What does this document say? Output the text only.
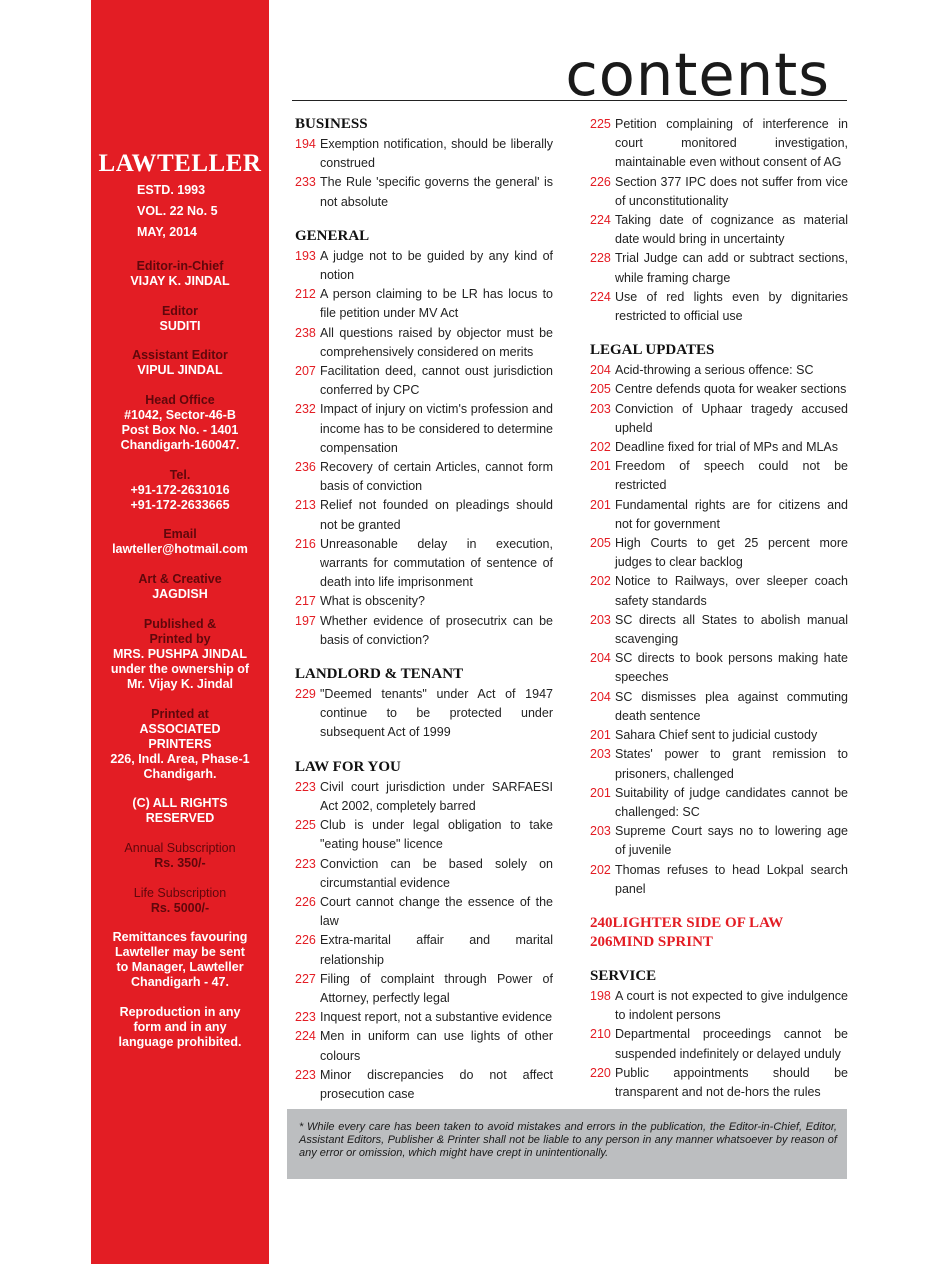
LAWTELLER
ESTD. 1993
VOL. 22 No. 5
MAY, 2014
Editor-in-Chief
VIJAY K. JINDAL
Editor
SUDITI
Assistant Editor
VIPUL JINDAL
Head Office
#1042, Sector-46-B
Post Box No. - 1401
Chandigarh-160047.
Tel.
+91-172-2631016
+91-172-2633665
Email
lawteller@hotmail.com
Art & Creative
JAGDISH
Published &
Printed by
MRS. PUSHPA JINDAL
under the ownership of
Mr. Vijay K. Jindal
Printed at
ASSOCIATED
PRINTERS
226, Indl. Area, Phase-1
Chandigarh.
(C) ALL RIGHTS
RESERVED
Annual Subscription
Rs. 350/-
Life Subscription
Rs. 5000/-
Remittances favouring
Lawteller may be sent
to Manager, Lawteller
Chandigarh - 47.
Reproduction in any
form and in any
language prohibited.
contents
BUSINESS
194 Exemption notification, should be liberally construed
233 The Rule 'specific governs the general' is not absolute
GENERAL
193 A judge not to be guided by any kind of notion
212 A person claiming to be LR has locus to file petition under MV Act
238 All questions raised by objector must be comprehensively considered on merits
207 Facilitation deed, cannot oust jurisdiction conferred by CPC
232 Impact of injury on victim's profession and income has to be considered to determine compensation
236 Recovery of certain Articles, cannot form basis of conviction
213 Relief not founded on pleadings should not be granted
216 Unreasonable delay in execution, warrants for commutation of sentence of death into life imprisonment
217 What is obscenity?
197 Whether evidence of prosecutrix can be basis of conviction?
LANDLORD & TENANT
229 "Deemed tenants" under Act of 1947 continue to be protected under subsequent Act of 1999
LAW FOR YOU
223 Civil court jurisdiction under SARFAESI Act 2002, completely barred
225 Club is under legal obligation to take "eating house" licence
223 Conviction can be based solely on circumstantial evidence
226 Court cannot change the essence of the law
226 Extra-marital affair and marital relationship
227 Filing of complaint through Power of Attorney, perfectly legal
223 Inquest report, not a substantive evidence
224 Men in uniform can use lights of other colours
223 Minor discrepancies do not affect prosecution case
225 Petition complaining of interference in court monitored investigation, maintainable even without consent of AG
226 Section 377 IPC does not suffer from vice of unconstitutionality
224 Taking date of cognizance as material date would bring in uncertainty
228 Trial Judge can add or subtract sections, while framing charge
224 Use of red lights even by dignitaries restricted to official use
LEGAL UPDATES
204 Acid-throwing a serious offence: SC
205 Centre defends quota for weaker sections
203 Conviction of Uphaar tragedy accused upheld
202 Deadline fixed for trial of MPs and MLAs
201 Freedom of speech could not be restricted
201 Fundamental rights are for citizens and not for government
205 High Courts to get 25 percent more judges to clear backlog
202 Notice to Railways, over sleeper coach safety standards
203 SC directs all States to abolish manual scavenging
204 SC directs to book persons making hate speeches
204 SC dismisses plea against commuting death sentence
201 Sahara Chief sent to judicial custody
203 States' power to grant remission to prisoners, challenged
201 Suitability of judge candidates cannot be challenged: SC
203 Supreme Court says no to lowering age of juvenile
202 Thomas refuses to head Lokpal search panel
240LIGHTER SIDE OF LAW
206MIND SPRINT
SERVICE
198 A court is not expected to give indulgence to indolent persons
210 Departmental proceedings cannot be suspended indefinitely or delayed unduly
220 Public appointments should be transparent and not de-hors the rules
* While every care has been taken to avoid mistakes and errors in the publication, the Editor-in-Chief, Editor, Assistant Editors, Publisher & Printer shall not be liable to any person in any manner whatsoever by reason of any error or omission, which might have crept in unintentionally.
